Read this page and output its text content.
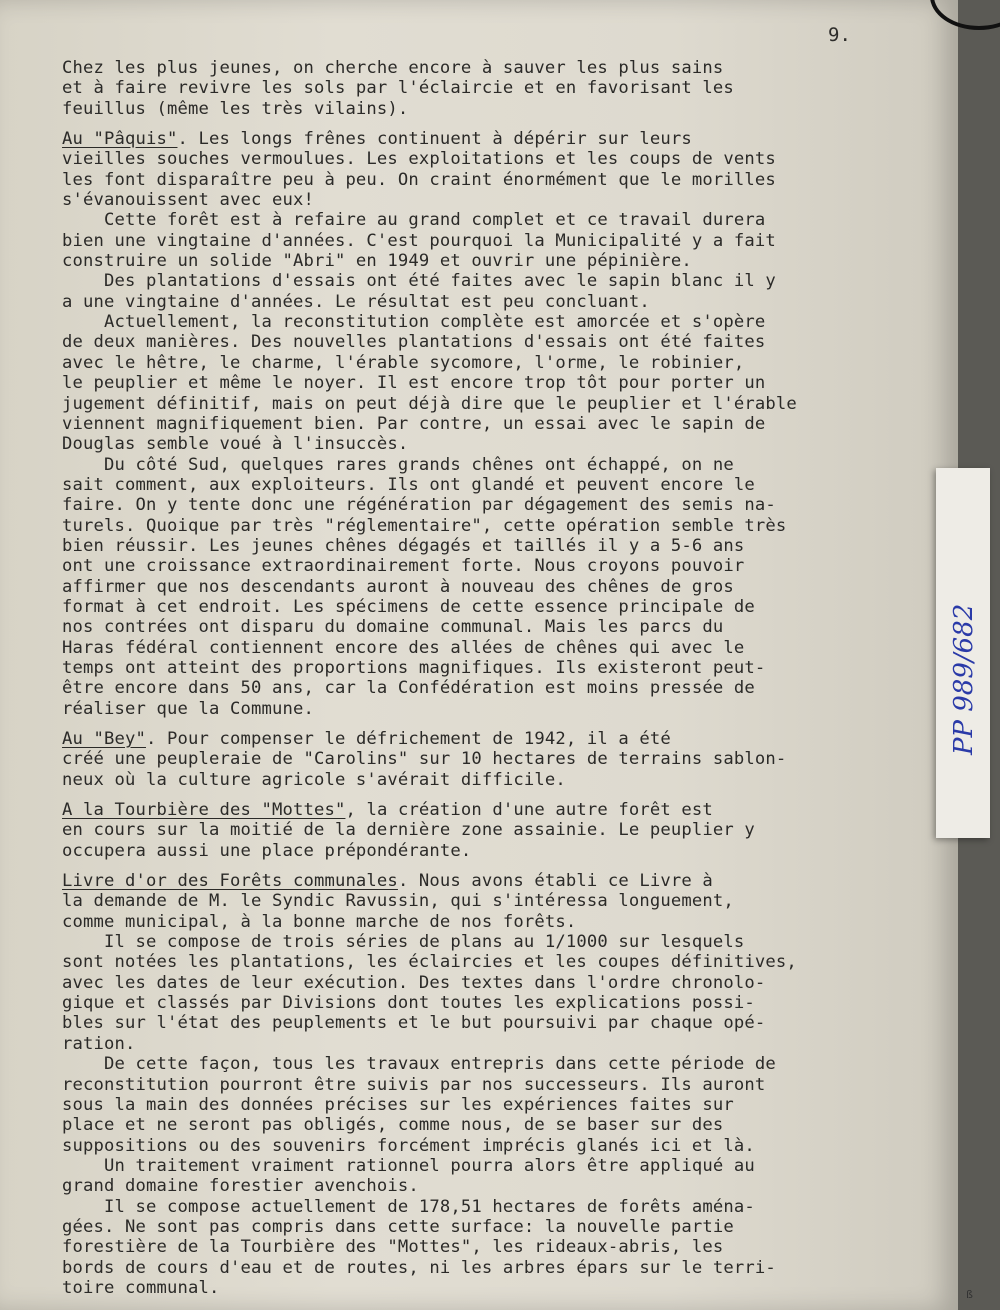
9.
Chez les plus jeunes, on cherche encore à sauver les plus sains
et à faire revivre les sols par l'éclaircie et en favorisant les
feuillus (même les très vilains).
Au "Pâquis". Les longs frênes continuent à dépérir sur leurs
vieilles souches vermoulues. Les exploitations et les coups de vents
les font disparaître peu à peu. On craint énormément que le morilles
s'évanouissent avec eux!
Cette forêt est à refaire au grand complet et ce travail durera
bien une vingtaine d'années. C'est pourquoi la Municipalité y a fait
construire un solide "Abri" en 1949 et ouvrir une pépinière.
Des plantations d'essais ont été faites avec le sapin blanc il y
a une vingtaine d'années. Le résultat est peu concluant.
Actuellement, la reconstitution complète est amorcée et s'opère
de deux manières. Des nouvelles plantations d'essais ont été faites
avec le hêtre, le charme, l'érable sycomore, l'orme, le robinier,
le peuplier et même le noyer. Il est encore trop tôt pour porter un
jugement définitif, mais on peut déjà dire que le peuplier et l'érable
viennent magnifiquement bien. Par contre, un essai avec le sapin de
Douglas semble voué à l'insuccès.
Du côté Sud, quelques rares grands chênes ont échappé, on ne
sait comment, aux exploiteurs. Ils ont glandé et peuvent encore le
faire. On y tente donc une régénération par dégagement des semis na-
turels. Quoique par très "réglementaire", cette opération semble très
bien réussir. Les jeunes chênes dégagés et taillés il y a 5-6 ans
ont une croissance extraordinairement forte. Nous croyons pouvoir
affirmer que nos descendants auront à nouveau des chênes de gros
format à cet endroit. Les spécimens de cette essence principale de
nos contrées ont disparu du domaine communal. Mais les parcs du
Haras fédéral contiennent encore des allées de chênes qui avec le
temps ont atteint des proportions magnifiques. Ils existeront peut-
être encore dans 50 ans, car la Confédération est moins pressée de
réaliser que la Commune.
Au "Bey". Pour compenser le défrichement de 1942, il a été
créé une peupleraie de "Carolins" sur 10 hectares de terrains sablon-
neux où la culture agricole s'avérait difficile.
A la Tourbière des "Mottes", la création d'une autre forêt est
en cours sur la moitié de la dernière zone assainie. Le peuplier y
occupera aussi une place prépondérante.
Livre d'or des Forêts communales. Nous avons établi ce Livre à
la demande de M. le Syndic Ravussin, qui s'intéressa longuement,
comme municipal, à la bonne marche de nos forêts.
Il se compose de trois séries de plans au 1/1000 sur lesquels
sont notées les plantations, les éclaircies et les coupes définitives,
avec les dates de leur exécution. Des textes dans l'ordre chronolo-
gique et classés par Divisions dont toutes les explications possi-
bles sur l'état des peuplements et le but poursuivi par chaque opé-
ration.
De cette façon, tous les travaux entrepris dans cette période de
reconstitution pourront être suivis par nos successeurs. Ils auront
sous la main des données précises sur les expériences faites sur
place et ne seront pas obligés, comme nous, de se baser sur des
suppositions ou des souvenirs forcément imprécis glanés ici et là.
Un traitement vraiment rationnel pourra alors être appliqué au
grand domaine forestier avenchois.
Il se compose actuellement de 178,51 hectares de forêts aména-
gées. Ne sont pas compris dans cette surface: la nouvelle partie
forestière de la Tourbière des "Mottes", les rideaux-abris, les
bords de cours d'eau et de routes, ni les arbres épars sur le terri-
toire communal.	ß
